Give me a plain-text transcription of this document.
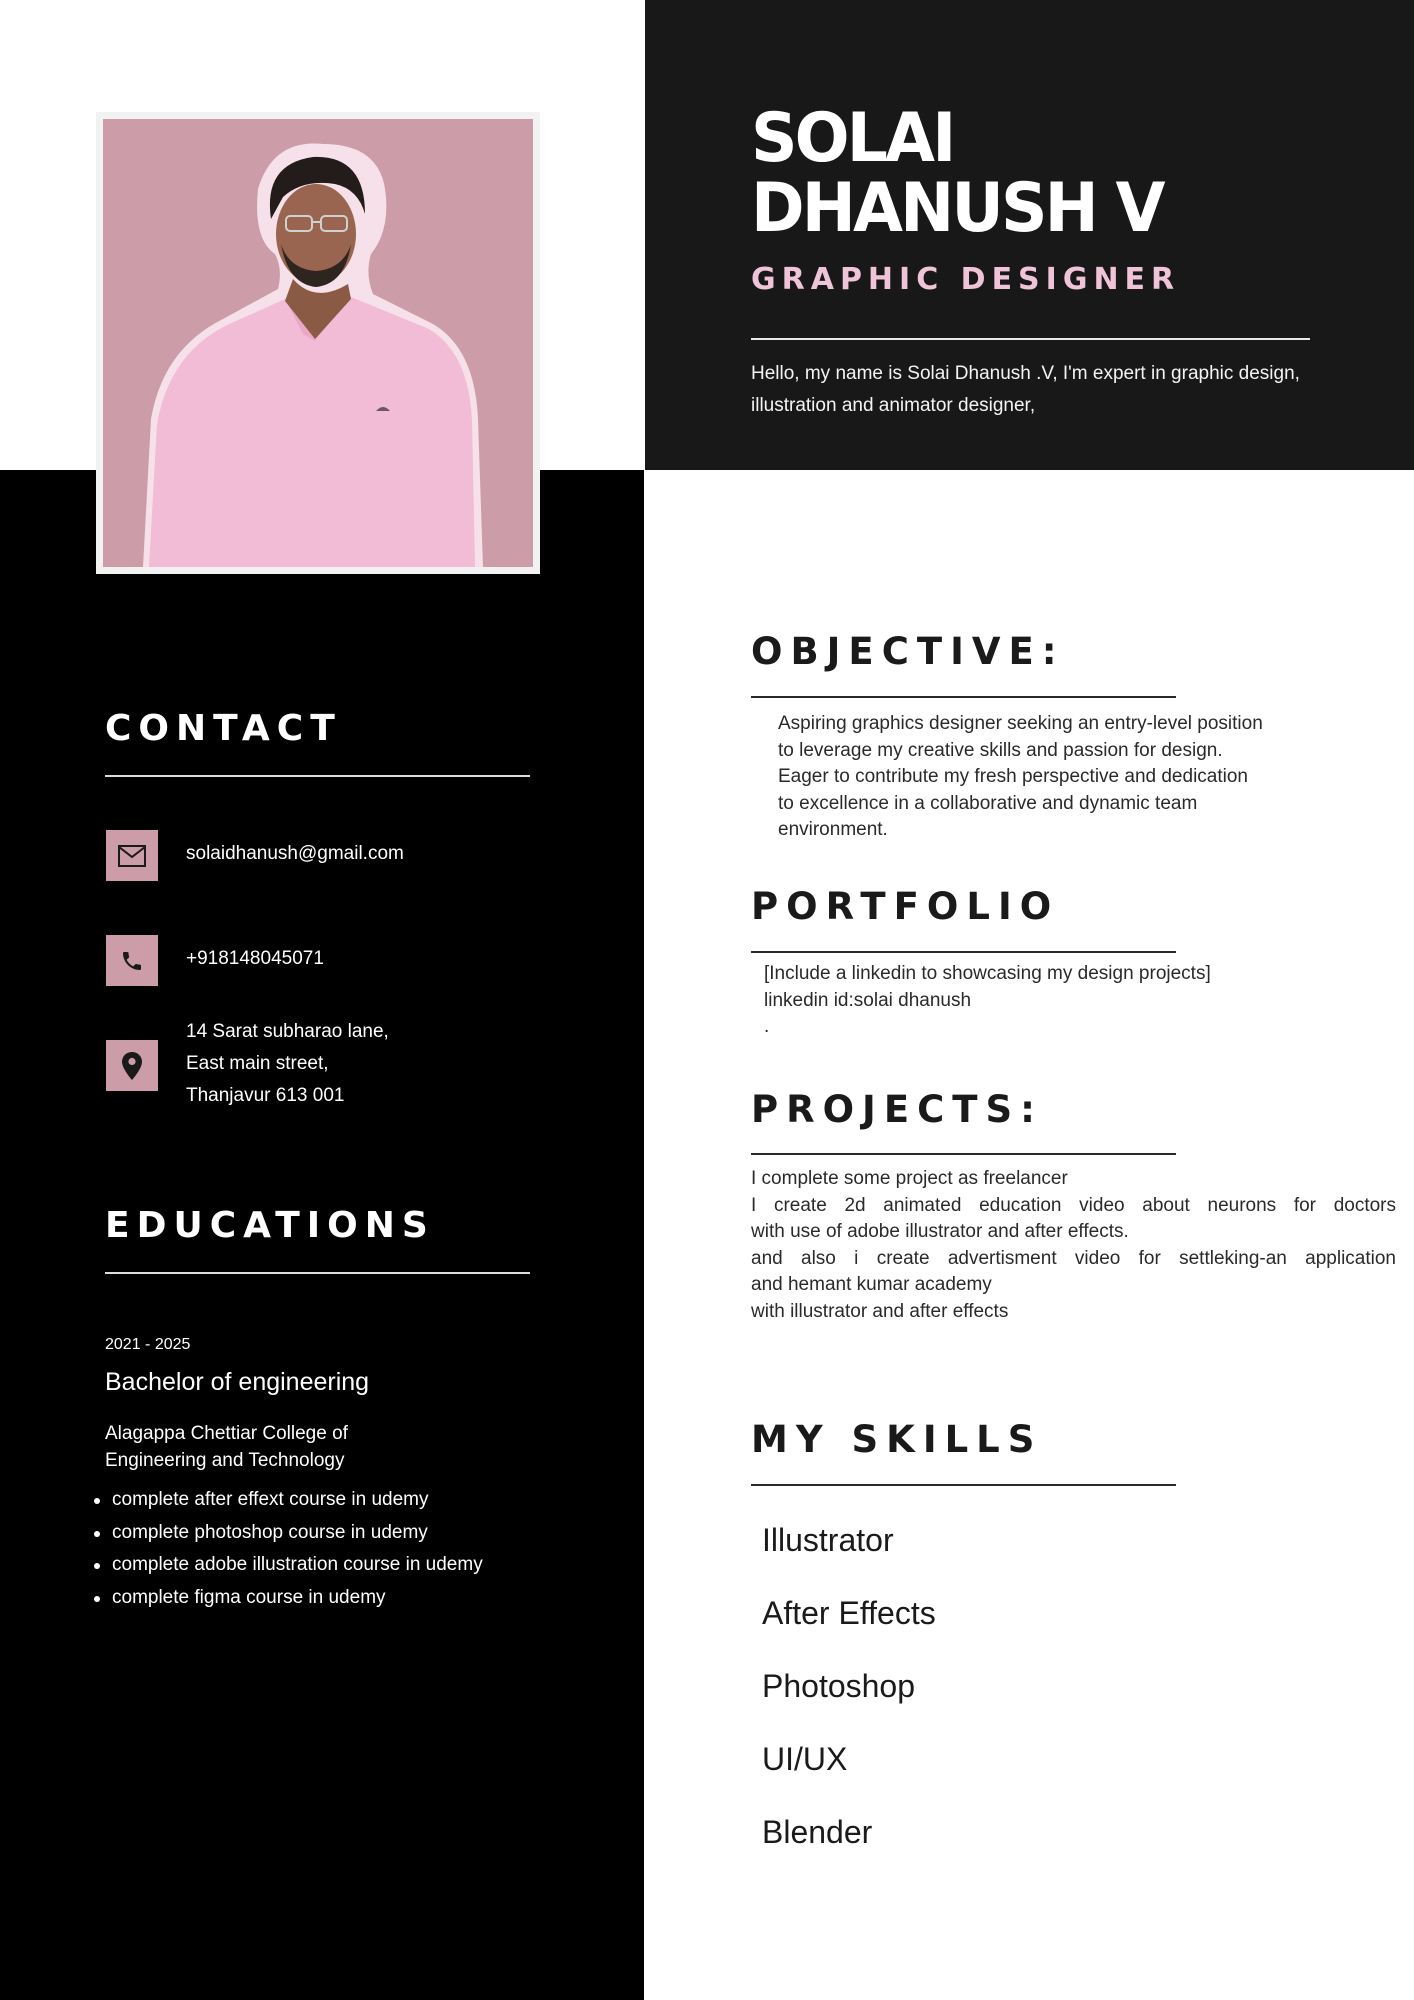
SOLAI
DHANUSH V
GRAPHIC DESIGNER
Hello, my name is Solai Dhanush .V, I'm expert in graphic design, illustration and animator designer,
CONTACT
solaidhanush@gmail.com
+918148045071
14 Sarat subharao lane,
East main street,
Thanjavur 613 001
EDUCATIONS
2021 - 2025
Bachelor of engineering
Alagappa Chettiar College of
Engineering and Technology
complete after effext course in udemy
complete photoshop course in udemy
complete adobe illustration course in udemy
complete figma course in udemy
OBJECTIVE:
Aspiring graphics designer seeking an entry-level position
to leverage my creative skills and passion for design.
Eager to contribute my fresh perspective and dedication
to excellence in a collaborative and dynamic team
environment.
PORTFOLIO
[Include a linkedin to showcasing my design projects]
linkedin id:solai dhanush
.
PROJECTS:
I complete some project as freelancer
I create 2d animated education video about neurons for doctors
with use of adobe illustrator and after effects.
and also i create advertisment video for settleking-an application
and hemant kumar academy
with illustrator and after effects
MY SKILLS
Illustrator
After Effects
Photoshop
UI/UX
Blender
